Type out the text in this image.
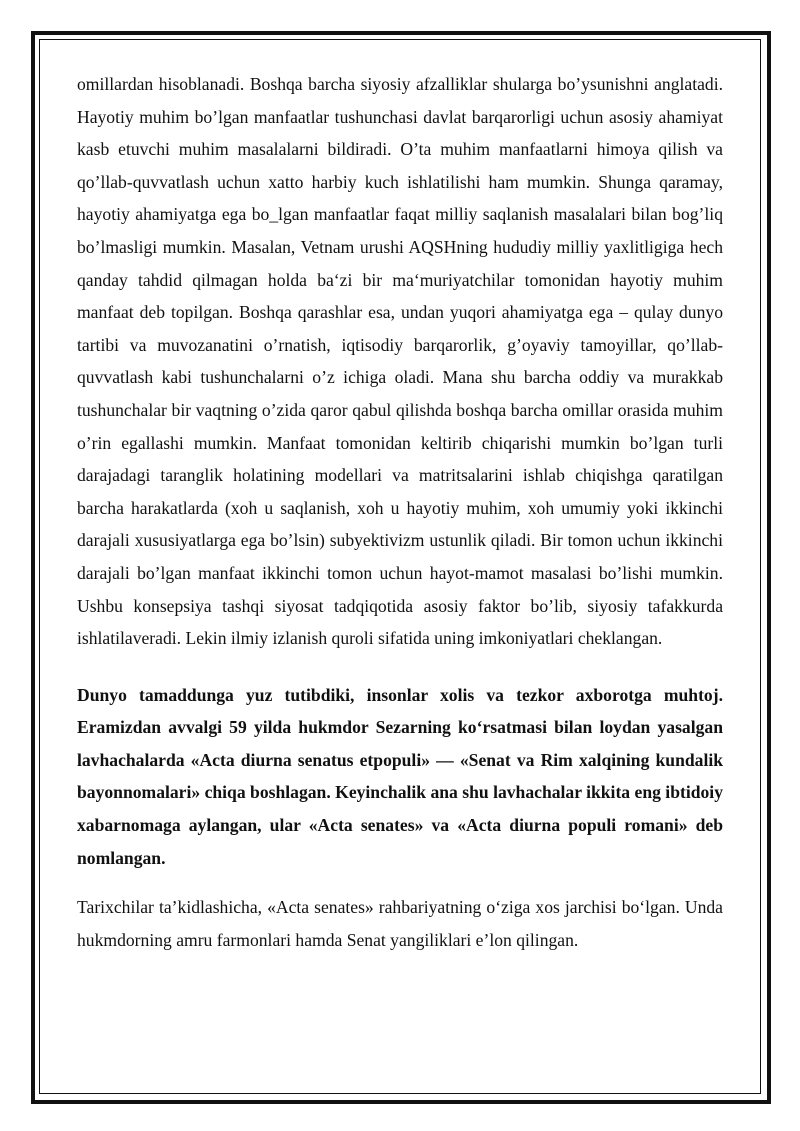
omillardan hisoblanadi. Boshqa barcha siyosiy afzalliklar shularga bo’ysunishni anglatadi. Hayotiy muhim bo’lgan manfaatlar tushunchasi davlat barqarorligi uchun asosiy ahamiyat kasb etuvchi muhim masalalarni bildiradi. O’ta muhim manfaatlarni himoya qilish va qo’llab-quvvatlash uchun xatto harbiy kuch ishlatilishi ham mumkin. Shunga qaramay, hayotiy ahamiyatga ega bo_lgan manfaatlar faqat milliy saqlanish masalalari bilan bog’liq bo’lmasligi mumkin. Masalan, Vetnam urushi AQSHning hududiy milliy yaxlitligiga hech qanday tahdid qilmagan holda ba‘zi bir ma‘muriyatchilar tomonidan hayotiy muhim manfaat deb topilgan. Boshqa qarashlar esa, undan yuqori ahamiyatga ega – qulay dunyo tartibi va muvozanatini o’rnatish, iqtisodiy barqarorlik, g’oyaviy tamoyillar, qo’llab-quvvatlash kabi tushunchalarni o’z ichiga oladi. Mana shu barcha oddiy va murakkab tushunchalar bir vaqtning o’zida qaror qabul qilishda boshqa barcha omillar orasida muhim o’rin egallashi mumkin. Manfaat tomonidan keltirib chiqarishi mumkin bo’lgan turli darajadagi taranglik holatining modellari va matritsalarini ishlab chiqishga qaratilgan barcha harakatlarda (xoh u saqlanish, xoh u hayotiy muhim, xoh umumiy yoki ikkinchi darajali xususiyatlarga ega bo’lsin) subyektivizm ustunlik qiladi. Bir tomon uchun ikkinchi darajali bo’lgan manfaat ikkinchi tomon uchun hayot-mamot masalasi bo’lishi mumkin. Ushbu konsepsiya tashqi siyosat tadqiqotida asosiy faktor bo’lib, siyosiy tafakkurda ishlatilaveradi. Lekin ilmiy izlanish quroli sifatida uning imkoniyatlari cheklangan.

Dunyo tamaddunga yuz tutibdiki, insonlar xolis va tezkor axborotga muhtoj. Eramizdan avvalgi 59 yilda hukmdor Sezarning ko‘rsatmasi bilan loydan yasalgan lavhachalarda «Acta diurna senatus etpopuli» — «Senat va Rim xalqining kundalik bayonnomalari» chiqa boshlagan. Keyinchalik ana shu lavhachalar ikkita eng ibtidoiy xabarnomaga aylangan, ular «Acta senates» va «Acta diurna populi romani» deb nomlangan.

Tarixchilar ta’kidlashicha, «Acta senates» rahbariyatning o‘ziga xos jarchisi bo‘lgan. Unda hukmdorning amru farmonlari hamda Senat yangiliklari e’lon qilingan.
